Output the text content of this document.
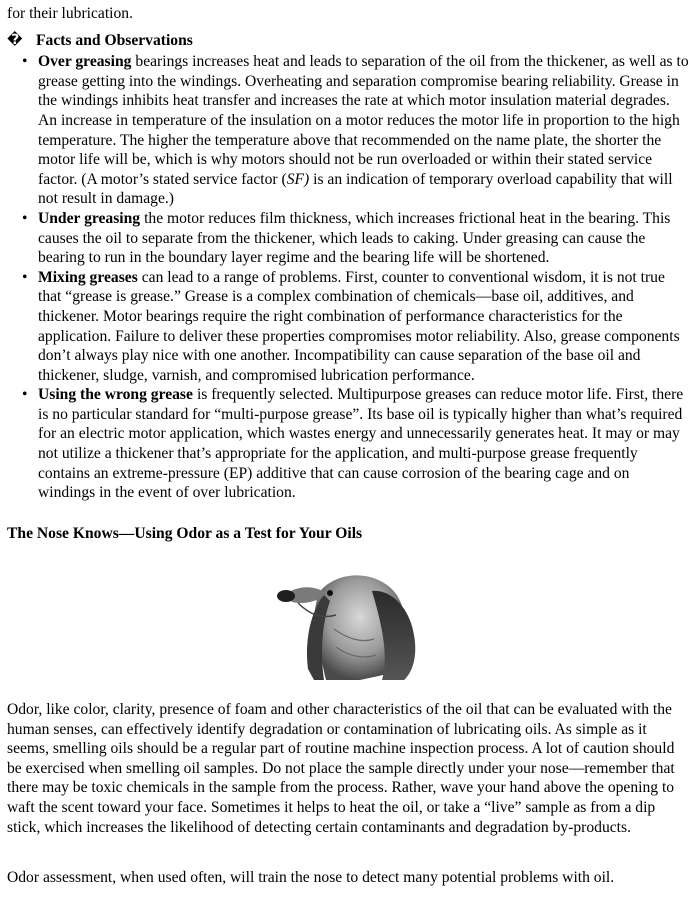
for their lubrication.

� Facts and Observations
• Over greasing bearings increases heat and leads to separation of the oil from the thickener, as well as to grease getting into the windings. Overheating and separation compromise bearing reliability. Grease in the windings inhibits heat transfer and increases the rate at which motor insulation material degrades. An increase in temperature of the insulation on a motor reduces the motor life in proportion to the high temperature. The higher the temperature above that recommended on the name plate, the shorter the motor life will be, which is why motors should not be run overloaded or within their stated service factor. (A motor’s stated service factor (SF) is an indication of temporary overload capability that will not result in damage.)
• Under greasing the motor reduces film thickness, which increases frictional heat in the bearing. This causes the oil to separate from the thickener, which leads to caking. Under greasing can cause the bearing to run in the boundary layer regime and the bearing life will be shortened.
• Mixing greases can lead to a range of problems. First, counter to conventional wisdom, it is not true that “grease is grease.” Grease is a complex combination of chemicals—base oil, additives, and thickener. Motor bearings require the right combination of performance characteristics for the application. Failure to deliver these properties compromises motor reliability. Also, grease components don’t always play nice with one another. Incompatibility can cause separation of the base oil and thickener, sludge, varnish, and compromised lubrication performance.
• Using the wrong grease is frequently selected. Multipurpose greases can reduce motor life. First, there is no particular standard for “multi-purpose grease”. Its base oil is typically higher than what’s required for an electric motor application, which wastes energy and unnecessarily generates heat. It may or may not utilize a thickener that’s appropriate for the application, and multi-purpose grease frequently contains an extreme-pressure (EP) additive that can cause corrosion of the bearing cage and on windings in the event of over lubrication.

The Nose Knows—Using Odor as a Test for Your Oils

Odor, like color, clarity, presence of foam and other characteristics of the oil that can be evaluated with the human senses, can effectively identify degradation or contamination of lubricating oils. As simple as it seems, smelling oils should be a regular part of routine machine inspection process. A lot of caution should be exercised when smelling oil samples. Do not place the sample directly under your nose—remember that there may be toxic chemicals in the sample from the process. Rather, wave your hand above the opening to waft the scent toward your face. Sometimes it helps to heat the oil, or take a “live” sample as from a dip stick, which increases the likelihood of detecting certain contaminants and degradation by-products.

Odor assessment, when used often, will train the nose to detect many potential problems with oil.
